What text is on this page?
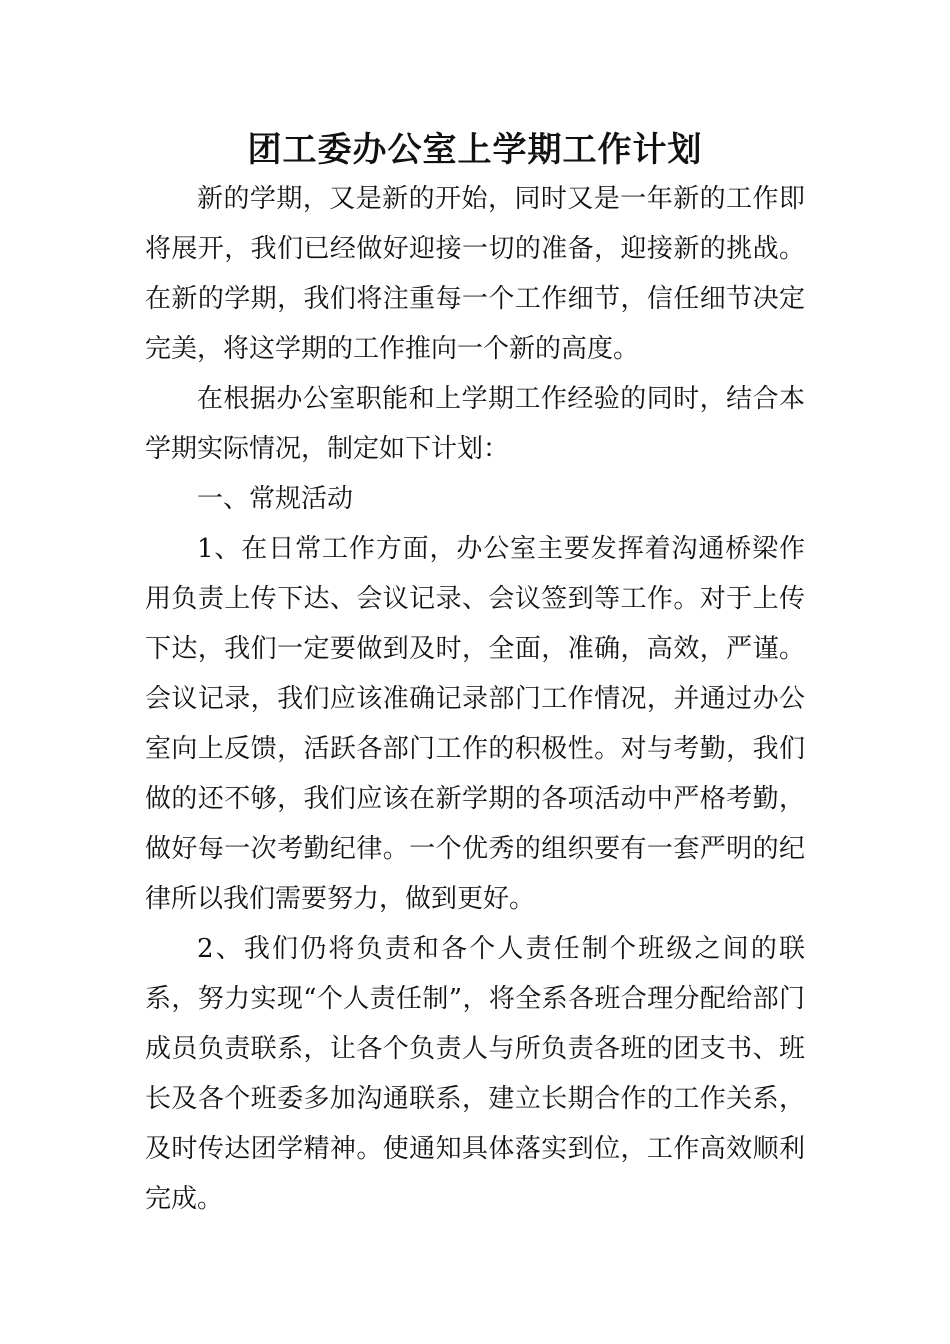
团工委办公室上学期工作计划

新的学期，又是新的开始，同时又是一年新的工作即将展开，我们已经做好迎接一切的准备，迎接新的挑战。在新的学期，我们将注重每一个工作细节，信任细节决定完美，将这学期的工作推向一个新的高度。

在根据办公室职能和上学期工作经验的同时，结合本学期实际情况，制定如下计划：

一、常规活动

1、在日常工作方面，办公室主要发挥着沟通桥梁作用负责上传下达、会议记录、会议签到等工作。对于上传下达，我们一定要做到及时，全面，准确，高效，严谨。会议记录，我们应该准确记录部门工作情况，并通过办公室向上反馈，活跃各部门工作的积极性。对与考勤，我们做的还不够，我们应该在新学期的各项活动中严格考勤，做好每一次考勤纪律。一个优秀的组织要有一套严明的纪律所以我们需要努力，做到更好。

2、我们仍将负责和各个人责任制个班级之间的联系，努力实现“个人责任制”，将全系各班合理分配给部门成员负责联系，让各个负责人与所负责各班的团支书、班长及各个班委多加沟通联系，建立长期合作的工作关系，及时传达团学精神。使通知具体落实到位，工作高效顺利完成。
